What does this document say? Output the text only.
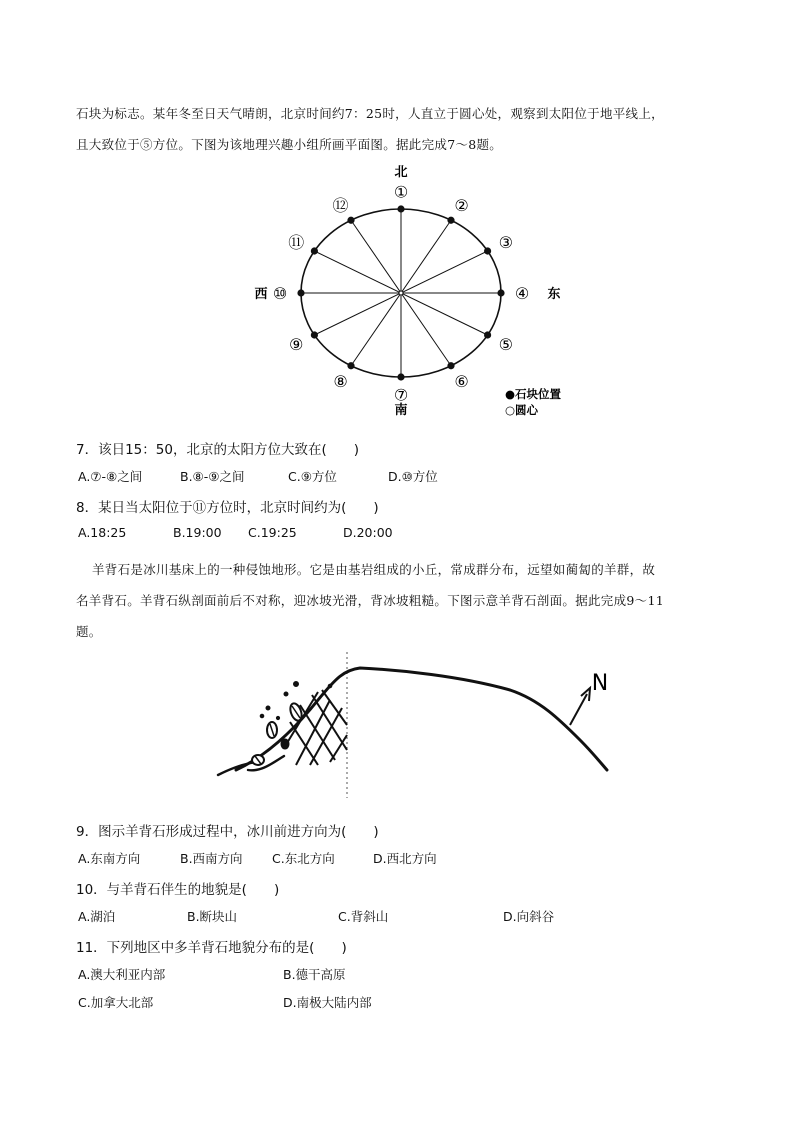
石块为标志。某年冬至日天气晴朗，北京时间约7：25时，人直立于圆心处，观察到太阳位于地平线上，
且大致位于⑤方位。下图为该地理兴趣小组所画平面图。据此完成7～8题。
①
②
③
④
⑤
⑥
⑦
⑧
⑨
⑩
⑪
⑫
北
南
东
西
●石块位置
○圆心
7．该日15：50，北京的太阳方位大致在(　　)
A.⑦-⑧之间	B.⑧-⑨之间	C.⑨方位	D.⑩方位
8．某日当太阳位于⑪方位时，北京时间约为(　　)
A.18:25	B.19:00 C.19:25	D.20:00
羊背石是冰川基床上的一种侵蚀地形。它是由基岩组成的小丘，常成群分布，远望如蔺匐的羊群，故
名羊背石。羊背石纵剖面前后不对称，迎冰坡光滑，背冰坡粗糙。下图示意羊背石剖面。据此完成9～11
题。
N
9．图示羊背石形成过程中，冰川前进方向为(　　)
A.东南方向	B.西南方向 C.东北方向	D.西北方向
10．与羊背石伴生的地貌是(　　)
A.湖泊	B.断块山	C.背斜山	D.向斜谷
11．下列地区中多羊背石地貌分布的是(　　)
A.澳大利亚内部	B.德干高原
C.加拿大北部	D.南极大陆内部
